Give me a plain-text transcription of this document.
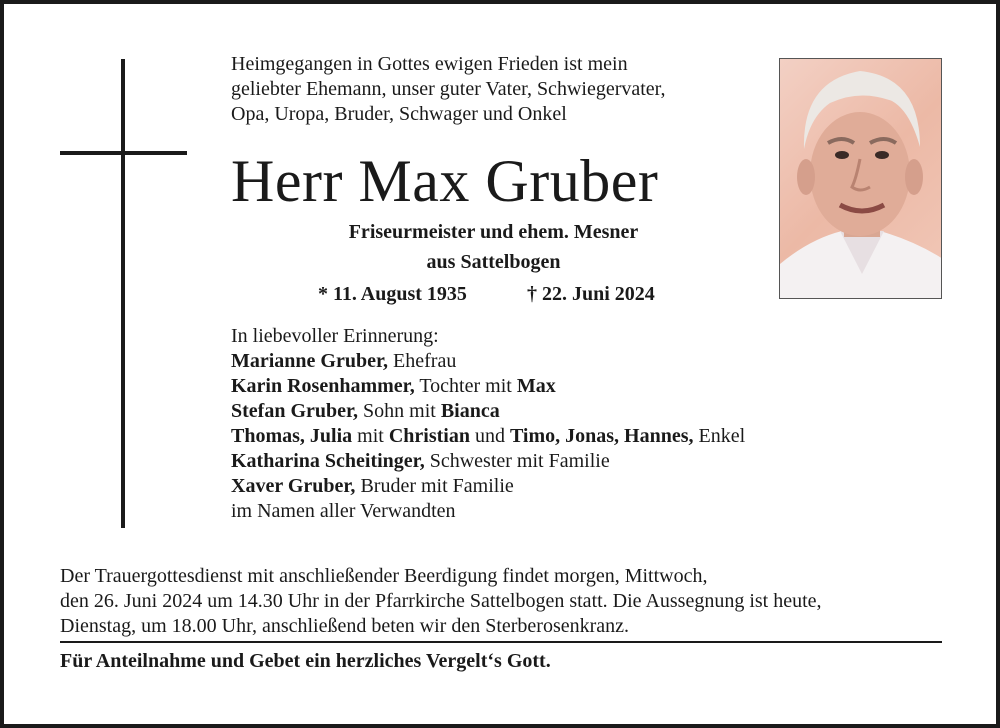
Heimgegangen in Gottes ewigen Frieden ist mein
geliebter Ehemann, unser guter Vater, Schwiegervater,
Opa, Uropa, Bruder, Schwager und Onkel
Herr Max Gruber
Friseurmeister und ehem. Mesner
aus Sattelbogen
* 11. August 1935	† 22. Juni 2024
In liebevoller Erinnerung:
Marianne Gruber, Ehefrau
Karin Rosenhammer, Tochter mit Max
Stefan Gruber, Sohn mit Bianca
Thomas, Julia mit Christian und Timo, Jonas, Hannes, Enkel
Katharina Scheitinger, Schwester mit Familie
Xaver Gruber, Bruder mit Familie
im Namen aller Verwandten
Der Trauergottesdienst mit anschließender Beerdigung findet morgen, Mittwoch,
den 26. Juni 2024 um 14.30 Uhr in der Pfarrkirche Sattelbogen statt. Die Aussegnung ist heute,
Dienstag, um 18.00 Uhr, anschließend beten wir den Sterberosenkranz.
Für Anteilnahme und Gebet ein herzliches Vergelt‘s Gott.
